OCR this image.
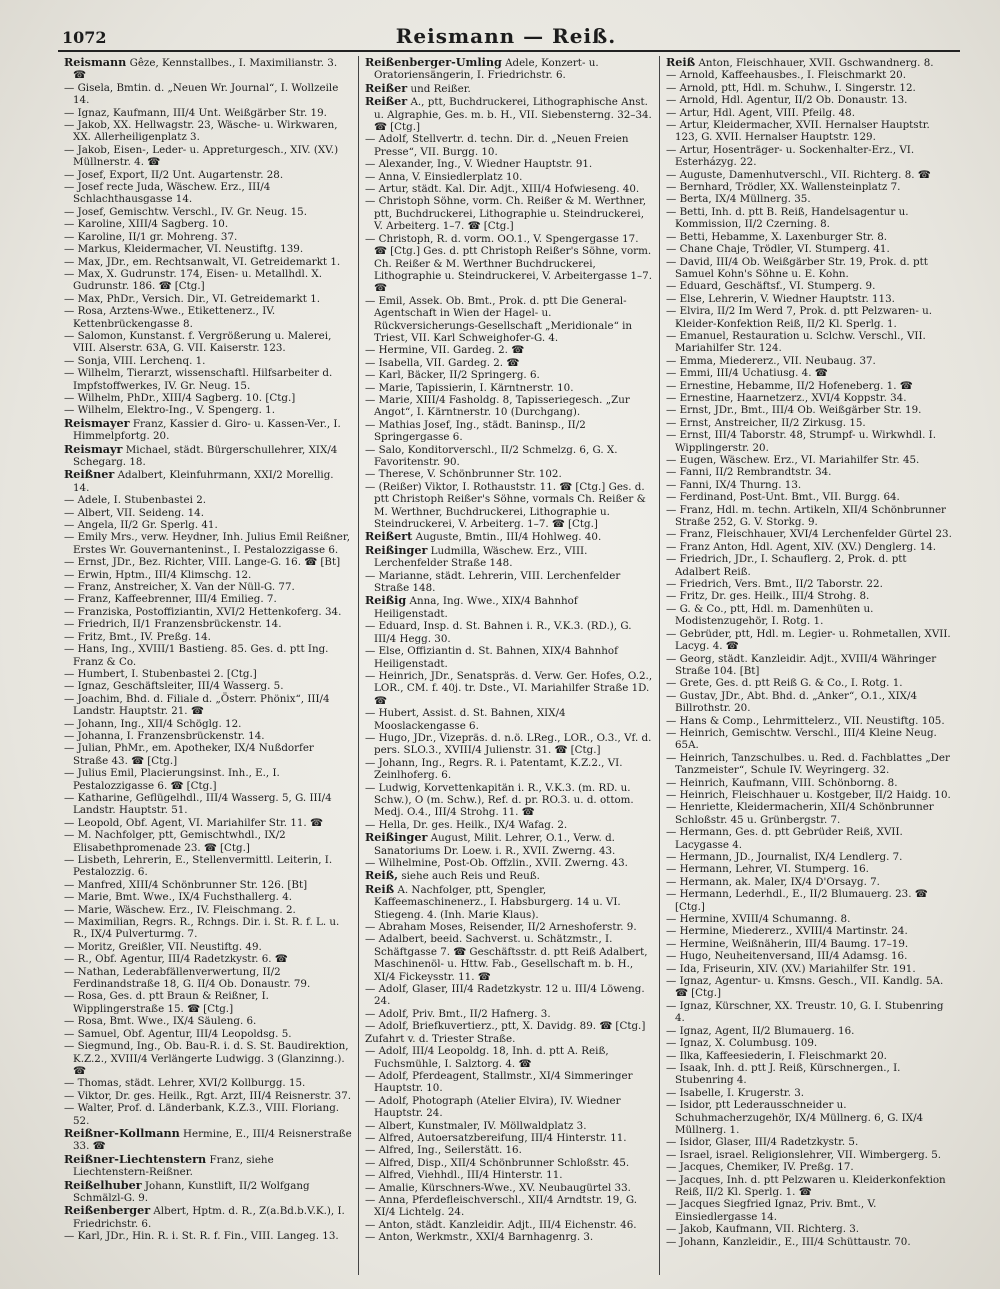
1072	Reismann — Reiß.

Reismann Gêze, Kennstallbes., I. Maximilianstr. 3. ☎

— Gisela, Bmtin. d. „Neuen Wr. Journal“, I. Wollzeile 14.

— Ignaz, Kaufmann, III/4 Unt. Weißgärber Str. 19.

— Jakob, XX. Hellwagstr. 23, Wäsche- u. Wirkwaren, XX. Allerheiligenplatz 3.

— Jakob, Eisen-, Leder- u. Appreturgesch., XIV. (XV.) Müllnerstr. 4. ☎

— Josef, Export, II/2 Unt. Augartenstr. 28.

— Josef recte Juda, Wäschew. Erz., III/4 Schlachthausgasse 14.

— Josef, Gemischtw. Verschl., IV. Gr. Neug. 15.

— Karoline, XIII/4 Sagberg. 10.

— Karoline, II/1 gr. Mohreng. 37.

— Markus, Kleidermacher, VI. Neustiftg. 139.

— Max, JDr., em. Rechtsanwalt, VI. Getreidemarkt 1.

— Max, X. Gudrunstr. 174, Eisen- u. Metallhdl. X. Gudrunstr. 186. ☎ [Ctg.]

— Max, PhDr., Versich. Dir., VI. Getreidemarkt 1.

— Rosa, Arztens-Wwe., Etikettenerz., IV. Kettenbrückengasse 8.

— Salomon, Kunstanst. f. Vergrößerung u. Malerei, VIII. Alserstr. 63A, G. VII. Kaiserstr. 123.

— Sonja, VIII. Lerchenq. 1.

— Wilhelm, Tierarzt, wissenschaftl. Hilfsarbeiter d. Impfstoffwerkes, IV. Gr. Neug. 15.

— Wilhelm, PhDr., XIII/4 Sagberg. 10. [Ctg.]

— Wilhelm, Elektro-Ing., V. Spengerg. 1.

Reismayer Franz, Kassier d. Giro- u. Kassen-Ver., I. Himmelpfortg. 20.

Reismayr Michael, städt. Bürgerschullehrer, XIX/4 Schegarg. 18.

Reißner Adalbert, Kleinfuhrmann, XXI/2 Morellig. 14.

— Adele, I. Stubenbastei 2.

— Albert, VII. Seideng. 14.

— Angela, II/2 Gr. Sperlg. 41.

— Emily Mrs., verw. Heydner, Inh. Julius Emil Reißner, Erstes Wr. Gouvernanteninst., I. Pestalozzigasse 6.

— Ernst, JDr., Bez. Richter, VIII. Lange-G. 16. ☎ [Bt]

— Erwin, Hptm., III/4 Klimschg. 12.

— Franz, Anstreicher, X. Van der Nüll-G. 77.

— Franz, Kaffeebrenner, III/4 Emilieg. 7.

— Franziska, Postoffiziantin, XVI/2 Hettenkoferg. 34.

— Friedrich, II/1 Franzensbrückenstr. 14.

— Fritz, Bmt., IV. Preßg. 14.

— Hans, Ing., XVIII/1 Bastieng. 85. Ges. d. ptt Ing. Franz & Co.

— Humbert, I. Stubenbastei 2. [Ctg.]

— Ignaz, Geschäftsleiter, III/4 Wasserg. 5.

— Joachim, Bhd. d. Filiale d. „Österr. Phönix“, III/4 Landstr. Hauptstr. 21. ☎

— Johann, Ing., XII/4 Schöglg. 12.

— Johanna, I. Franzensbrückenstr. 14.

— Julian, PhMr., em. Apotheker, IX/4 Nußdorfer Straße 43. ☎ [Ctg.]

— Julius Emil, Placierungsinst. Inh., E., I. Pestalozzigasse 6. ☎ [Ctg.]

— Katharine, Geflügelhdl., III/4 Wasserg. 5, G. III/4 Landstr. Hauptstr. 51.

— Leopold, Obf. Agent, VI. Mariahilfer Str. 11. ☎

— M. Nachfolger, ptt, Gemischtwhdl., IX/2 Elisabethpromenade 23. ☎ [Ctg.]

— Lisbeth, Lehrerin, E., Stellenvermittl. Leiterin, I. Pestalozzig. 6.

— Manfred, XIII/4 Schönbrunner Str. 126. [Bt]

— Marie, Bmt. Wwe., IX/4 Fuchsthallerg. 4.

— Marie, Wäschew. Erz., IV. Fleischmang. 2.

— Maximilian, Regrs. R., Rchngs. Dir. i. St. R. f. L. u. R., IX/4 Pulverturmg. 7.

— Moritz, Greißler, VII. Neustiftg. 49.

— R., Obf. Agentur, III/4 Radetzkystr. 6. ☎

— Nathan, Lederabfällenverwertung, II/2 Ferdinandstraße 18, G. II/4 Ob. Donaustr. 79.

— Rosa, Ges. d. ptt Braun & Reißner, I. Wipplingerstraße 15. ☎ [Ctg.]

— Rosa, Bmt. Wwe., IX/4 Säuleng. 6.

— Samuel, Obf. Agentur, III/4 Leopoldsg. 5.

— Siegmund, Ing., Ob. Bau-R. i. d. S. St. Baudirektion, K.Z.2., XVIII/4 Verlängerte Ludwigg. 3 (Glanzinng.). ☎

— Thomas, städt. Lehrer, XVI/2 Kollburgg. 15.

— Viktor, Dr. ges. Heilk., Rgt. Arzt, III/4 Reisnerstr. 37.

— Walter, Prof. d. Länderbank, K.Z.3., VIII. Floriang. 52.

Reißner-Kollmann Hermine, E., III/4 Reisnerstraße 33. ☎

Reißner-Liechtenstern Franz, siehe Liechtenstern-Reißner.

Reißelhuber Johann, Kunstlift, II/2 Wolfgang Schmälzl-G. 9.

Reißenberger Albert, Hptm. d. R., Z(a.Bd.b.V.K.), I. Friedrichstr. 6.

— Karl, JDr., Hin. R. i. St. R. f. Fin., VIII. Langeg. 13.

Reißenberger-Umling Adele, Konzert- u. Oratoriensängerin, I. Friedrichstr. 6.

Reißer und Reißer.

Reißer A., ptt, Buchdruckerei, Lithographische Anst. u. Algraphie, Ges. m. b. H., VII. Siebensterng. 32–34. ☎ [Ctg.]

— Adolf, Stellvertr. d. techn. Dir. d. „Neuen Freien Presse“, VII. Burgg. 10.

— Alexander, Ing., V. Wiedner Hauptstr. 91.

— Anna, V. Einsiedlerplatz 10.

— Artur, städt. Kal. Dir. Adjt., XIII/4 Hofwieseng. 40.

— Christoph Söhne, vorm. Ch. Reißer & M. Werthner, ptt, Buchdruckerei, Lithographie u. Steindruckerei, V. Arbeiterg. 1–7. ☎ [Ctg.]

— Christoph, R. d. vorm. OO.1., V. Spengergasse 17. ☎ [Ctg.] Ges. d. ptt Christoph Reißer's Söhne, vorm. Ch. Reißer & M. Werthner Buchdruckerei, Lithographie u. Steindruckerei, V. Arbeitergasse 1–7. ☎

— Emil, Assek. Ob. Bmt., Prok. d. ptt Die General-Agentschaft in Wien der Hagel- u. Rückversicherungs-Gesellschaft „Meridionale“ in Triest, VII. Karl Schweighofer-G. 4.

— Hermine, VII. Gardeg. 2. ☎

— Isabella, VII. Gardeg. 2. ☎

— Karl, Bäcker, II/2 Springerg. 6.

— Marie, Tapissierin, I. Kärntnerstr. 10.

— Marie, XIII/4 Fasholdg. 8, Tapisseriegesch. „Zur Angot“, I. Kärntnerstr. 10 (Durchgang).

— Mathias Josef, Ing., städt. Baninsp., II/2 Springergasse 6.

— Salo, Konditorverschl., II/2 Schmelzg. 6, G. X. Favoritenstr. 90.

— Therese, V. Schönbrunner Str. 102.

— (Reißer) Viktor, I. Rothauststr. 11. ☎ [Ctg.] Ges. d. ptt Christoph Reißer's Söhne, vormals Ch. Reißer & M. Werthner, Buchdruckerei, Lithographie u. Steindruckerei, V. Arbeiterg. 1–7. ☎ [Ctg.]

Reißert Auguste, Bmtin., III/4 Hohlweg. 40.

Reißinger Ludmilla, Wäschew. Erz., VIII. Lerchenfelder Straße 148.

— Marianne, städt. Lehrerin, VIII. Lerchenfelder Straße 148.

Reißig Anna, Ing. Wwe., XIX/4 Bahnhof Heiligenstadt.

— Eduard, Insp. d. St. Bahnen i. R., V.K.3. (RD.), G. III/4 Hegg. 30.

— Else, Offiziantin d. St. Bahnen, XIX/4 Bahnhof Heiligenstadt.

— Heinrich, JDr., Senatspräs. d. Verw. Ger. Hofes, O.2., LOR., CM. f. 40j. tr. Dste., VI. Mariahilfer Straße 1D. ☎

— Hubert, Assist. d. St. Bahnen, XIX/4 Mooslackengasse 6.

— Hugo, JDr., Vizepräs. d. n.ö. LReg., LOR., O.3., Vf. d. pers. SLO.3., XVIII/4 Julienstr. 31. ☎ [Ctg.]

— Johann, Ing., Regrs. R. i. Patentamt, K.Z.2., VI. Zeinlhoferg. 6.

— Ludwig, Korvettenkapitän i. R., V.K.3. (m. RD. u. Schw.), O (m. Schw.), Ref. d. pr. RO.3. u. d. ottom. Medj. O.4., III/4 Strohg. 11. ☎

— Hella, Dr. ges. Heilk., IX/4 Wafag. 2.

Reißinger August, Milit. Lehrer, O.1., Verw. d. Sanatoriums Dr. Loew. i. R., XVII. Zwerng. 43.

— Wilhelmine, Post-Ob. Offzlin., XVII. Zwerng. 43.

Reiß, siehe auch Reis und Reuß.

Reiß A. Nachfolger, ptt, Spengler, Kaffeemaschinenerz., I. Habsburgerg. 14 u. VI. Stiegeng. 4. (Inh. Marie Klaus).

— Abraham Moses, Reisender, II/2 Arneshoferstr. 9.

— Adalbert, beeid. Sachverst. u. Schätzmstr., I. Schäftgasse 7. ☎ Geschäftsstr. d. ptt Reiß Adalbert, Maschinenöl- u. Httw. Fab., Gesellschaft m. b. H., XI/4 Fickeysstr. 11. ☎

— Adolf, Glaser, III/4 Radetzkystr. 12 u. III/4 Löweng. 24.

— Adolf, Priv. Bmt., II/2 Hafnerg. 3.

— Adolf, Briefkuvertierz., ptt, X. Davidg. 89. ☎ [Ctg.]

Zufahrt v. d. Triester Straße.

— Adolf, III/4 Leopoldg. 18, Inh. d. ptt A. Reiß, Fuchsmühle, I. Salztorg. 4. ☎

— Adolf, Pferdeagent, Stallmstr., XI/4 Simmeringer Hauptstr. 10.

— Adolf, Photograph (Atelier Elvira), IV. Wiedner Hauptstr. 24.

— Albert, Kunstmaler, IV. Möllwaldplatz 3.

— Alfred, Autoersatzbereifung, III/4 Hinterstr. 11.

— Alfred, Ing., Seilerstätt. 16.

— Alfred, Disp., XII/4 Schönbrunner Schloßstr. 45.

— Alfred, Viehhdl., III/4 Hinterstr. 11.

— Amalie, Kürschners-Wwe., XV. Neubaugürtel 33.

— Anna, Pferdefleischverschl., XII/4 Arndtstr. 19, G. XI/4 Lichtelg. 24.

— Anton, städt. Kanzleidir. Adjt., III/4 Eichenstr. 46.

— Anton, Werkmstr., XXI/4 Barnhagenrg. 3.

Reiß Anton, Fleischhauer, XVII. Gschwandnerg. 8.

— Arnold, Kaffeehausbes., I. Fleischmarkt 20.

— Arnold, ptt, Hdl. m. Schuhw., I. Singerstr. 12.

— Arnold, Hdl. Agentur, II/2 Ob. Donaustr. 13.

— Artur, Hdl. Agent, VIII. Pfeilg. 48.

— Artur, Kleidermacher, XVII. Hernalser Hauptstr. 123, G. XVII. Hernalser Hauptstr. 129.

— Artur, Hosenträger- u. Sockenhalter-Erz., VI. Esterházyg. 22.

— Auguste, Damenhutverschl., VII. Richterg. 8. ☎

— Bernhard, Trödler, XX. Wallensteinplatz 7.

— Berta, IX/4 Müllnerg. 35.

— Betti, Inh. d. ptt B. Reiß, Handelsagentur u. Kommission, II/2 Czerning. 8.

— Betti, Hebamme, X. Laxenburger Str. 8.

— Chane Chaje, Trödler, VI. Stumperg. 41.

— David, III/4 Ob. Weißgärber Str. 19, Prok. d. ptt Samuel Kohn's Söhne u. E. Kohn.

— Eduard, Geschäftsf., VI. Stumperg. 9.

— Else, Lehrerin, V. Wiedner Hauptstr. 113.

— Elvira, II/2 Im Werd 7, Prok. d. ptt Pelzwaren- u. Kleider-Konfektion Reiß, II/2 Kl. Sperlg. 1.

— Emanuel, Restauration u. Sclchw. Verschl., VII. Mariahilfer Str. 124.

— Emma, Miedererz., VII. Neubaug. 37.

— Emmi, III/4 Uchatiusg. 4. ☎

— Ernestine, Hebamme, II/2 Hofeneberg. 1. ☎

— Ernestine, Haarnetzerz., XVI/4 Koppstr. 34.

— Ernst, JDr., Bmt., III/4 Ob. Weißgärber Str. 19.

— Ernst, Anstreicher, II/2 Zirkusg. 15.

— Ernst, III/4 Taborstr. 48, Strumpf- u. Wirkwhdl. I. Wipplingerstr. 20.

— Eugen, Wäschew. Erz., VI. Mariahilfer Str. 45.

— Fanni, II/2 Rembrandtstr. 34.

— Fanni, IX/4 Thurng. 13.

— Ferdinand, Post-Unt. Bmt., VII. Burgg. 64.

— Franz, Hdl. m. techn. Artikeln, XII/4 Schönbrunner Straße 252, G. V. Storkg. 9.

— Franz, Fleischhauer, XVI/4 Lerchenfelder Gürtel 23.

— Franz Anton, Hdl. Agent, XIV. (XV.) Denglerg. 14.

— Friedrich, JDr., I. Schauflerg. 2, Prok. d. ptt Adalbert Reiß.

— Friedrich, Vers. Bmt., II/2 Taborstr. 22.

— Fritz, Dr. ges. Heilk., III/4 Strohg. 8.

— G. & Co., ptt, Hdl. m. Damenhüten u. Modistenzugehör, I. Rotg. 1.

— Gebrüder, ptt, Hdl. m. Legier- u. Rohmetallen, XVII. Lacyg. 4. ☎

— Georg, städt. Kanzleidir. Adjt., XVIII/4 Währinger Straße 104. [Bt]

— Grete, Ges. d. ptt Reiß G. & Co., I. Rotg. 1.

— Gustav, JDr., Abt. Bhd. d. „Anker“, O.1., XIX/4 Billrothstr. 20.

— Hans & Comp., Lehrmittelerz., VII. Neustiftg. 105.

— Heinrich, Gemischtw. Verschl., III/4 Kleine Neug. 65A.

— Heinrich, Tanzschulbes. u. Red. d. Fachblattes „Der Tanzmeister“, Schule IV. Weyringerg. 32.

— Heinrich, Kaufmann, VIII. Schönborng. 8.

— Heinrich, Fleischhauer u. Kostgeber, II/2 Haidg. 10.

— Henriette, Kleidermacherin, XII/4 Schönbrunner Schloßstr. 45 u. Grünbergstr. 7.

— Hermann, Ges. d. ptt Gebrüder Reiß, XVII. Lacygasse 4.

— Hermann, JD., Journalist, IX/4 Lendlerg. 7.

— Hermann, Lehrer, VI. Stumperg. 16.

— Hermann, ak. Maler, IX/4 D'Orsayg. 7.

— Hermann, Lederhdl., E., II/2 Blumauerg. 23. ☎ [Ctg.]

— Hermine, XVIII/4 Schumanng. 8.

— Hermine, Miedererz., XVIII/4 Martinstr. 24.

— Hermine, Weißnäherin, III/4 Baumg. 17–19.

— Hugo, Neuheitenversand, III/4 Adamsg. 16.

— Ida, Friseurin, XIV. (XV.) Mariahilfer Str. 191.

— Ignaz, Agentur- u. Kmsns. Gesch., VII. Kandlg. 5A. ☎ [Ctg.]

— Ignaz, Kürschner, XX. Treustr. 10, G. I. Stubenring 4.

— Ignaz, Agent, II/2 Blumauerg. 16.

— Ignaz, X. Columbusg. 109.

— Ilka, Kaffeesiederin, I. Fleischmarkt 20.

— Isaak, Inh. d. ptt J. Reiß, Kürschnergen., I. Stubenring 4.

— Isabelle, I. Krugerstr. 3.

— Isidor, ptt Lederausschneider u. Schuhmacherzugehör, IX/4 Müllnerg. 6, G. IX/4 Müllnerg. 1.

— Isidor, Glaser, III/4 Radetzkystr. 5.

— Israel, israel. Religionslehrer, VII. Wimbergerg. 5.

— Jacques, Chemiker, IV. Preßg. 17.

— Jacques, Inh. d. ptt Pelzwaren u. Kleiderkonfektion Reiß, II/2 Kl. Sperlg. 1. ☎

— Jacques Siegfried Ignaz, Priv. Bmt., V. Einsiedlergasse 14.

— Jakob, Kaufmann, VII. Richterg. 3.

— Johann, Kanzleidir., E., III/4 Schüttaustr. 70.
